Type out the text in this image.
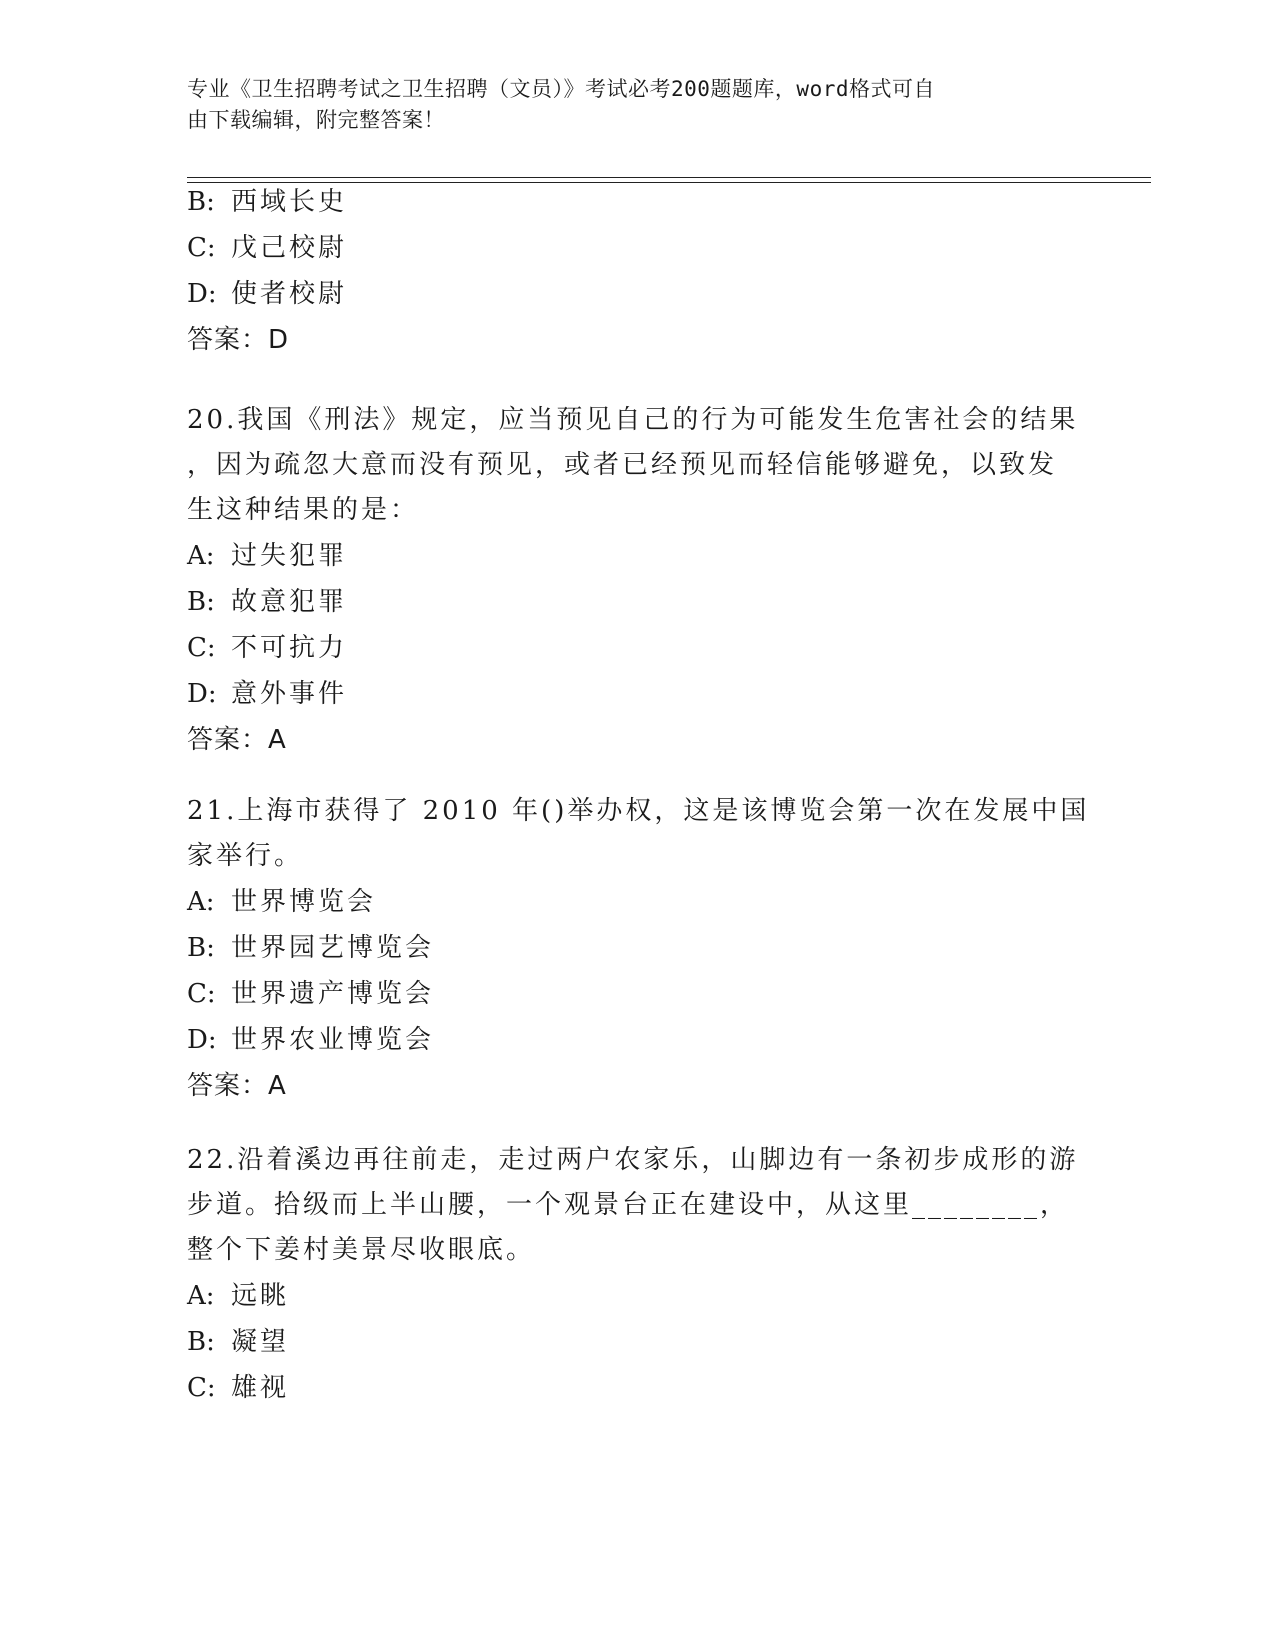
专业《卫生招聘考试之卫生招聘（文员）》考试必考200题题库，word格式可自
由下载编辑，附完整答案！
B: 西域长史
C: 戊己校尉
D: 使者校尉
答案：D
20.我国《刑法》规定，应当预见自己的行为可能发生危害社会的结果
，因为疏忽大意而没有预见，或者已经预见而轻信能够避免，以致发
生这种结果的是：
A: 过失犯罪
B: 故意犯罪
C: 不可抗力
D: 意外事件
答案：A
21.上海市获得了 2010 年()举办权，这是该博览会第一次在发展中国
家举行。
A: 世界博览会
B: 世界园艺博览会
C: 世界遗产博览会
D: 世界农业博览会
答案：A
22.沿着溪边再往前走，走过两户农家乐，山脚边有一条初步成形的游
步道。拾级而上半山腰，一个观景台正在建设中，从这里________，
整个下姜村美景尽收眼底。
A: 远眺
B: 凝望
C: 雄视
